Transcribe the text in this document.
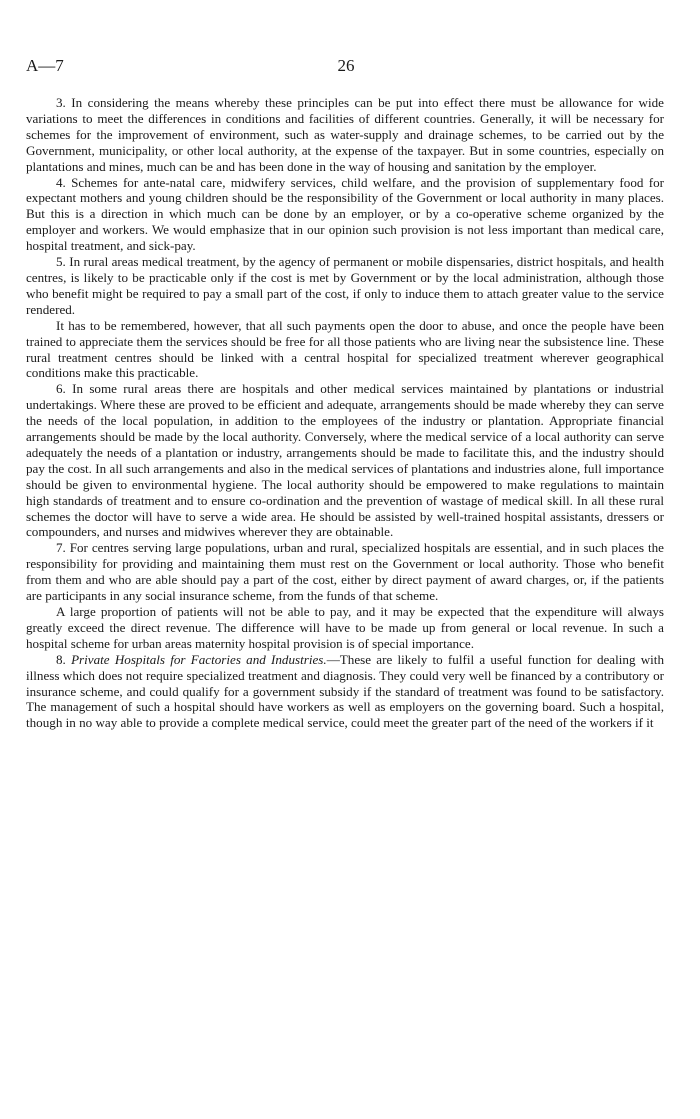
A—7	26

3. In considering the means whereby these principles can be put into effect there must be allowance for wide variations to meet the differences in conditions and facilities of different countries. Generally, it will be necessary for schemes for the improvement of environment, such as water-supply and drainage schemes, to be carried out by the Government, municipality, or other local authority, at the expense of the taxpayer. But in some countries, especially on plantations and mines, much can be and has been done in the way of housing and sanitation by the employer.

4. Schemes for ante-natal care, midwifery services, child welfare, and the provision of supplementary food for expectant mothers and young children should be the responsibility of the Government or local authority in many places. But this is a direction in which much can be done by an employer, or by a co-operative scheme organized by the employer and workers. We would emphasize that in our opinion such provision is not less important than medical care, hospital treatment, and sick-pay.

5. In rural areas medical treatment, by the agency of permanent or mobile dispensaries, district hospitals, and health centres, is likely to be practicable only if the cost is met by Government or by the local administration, although those who benefit might be required to pay a small part of the cost, if only to induce them to attach greater value to the service rendered.

It has to be remembered, however, that all such payments open the door to abuse, and once the people have been trained to appreciate them the services should be free for all those patients who are living near the subsistence line. These rural treatment centres should be linked with a central hospital for specialized treatment wherever geographical conditions make this practicable.

6. In some rural areas there are hospitals and other medical services maintained by plantations or industrial undertakings. Where these are proved to be efficient and adequate, arrangements should be made whereby they can serve the needs of the local population, in addition to the employees of the industry or plantation. Appropriate financial arrangements should be made by the local authority. Conversely, where the medical service of a local authority can serve adequately the needs of a plantation or industry, arrangements should be made to facilitate this, and the industry should pay the cost. In all such arrangements and also in the medical services of plantations and industries alone, full importance should be given to environmental hygiene. The local authority should be empowered to make regulations to maintain high standards of treatment and to ensure co-ordination and the prevention of wastage of medical skill. In all these rural schemes the doctor will have to serve a wide area. He should be assisted by well-trained hospital assistants, dressers or compounders, and nurses and midwives wherever they are obtainable.

7. For centres serving large populations, urban and rural, specialized hospitals are essential, and in such places the responsibility for providing and maintaining them must rest on the Government or local authority. Those who benefit from them and who are able should pay a part of the cost, either by direct payment of award charges, or, if the patients are participants in any social insurance scheme, from the funds of that scheme.

A large proportion of patients will not be able to pay, and it may be expected that the expenditure will always greatly exceed the direct revenue. The difference will have to be made up from general or local revenue. In such a hospital scheme for urban areas maternity hospital provision is of special importance.

8. Private Hospitals for Factories and Industries.—These are likely to fulfil a useful function for dealing with illness which does not require specialized treatment and diagnosis. They could very well be financed by a contributory or insurance scheme, and could qualify for a government subsidy if the standard of treatment was found to be satisfactory. The management of such a hospital should have workers as well as employers on the governing board. Such a hospital, though in no way able to provide a complete medical service, could meet the greater part of the need of the workers if it
